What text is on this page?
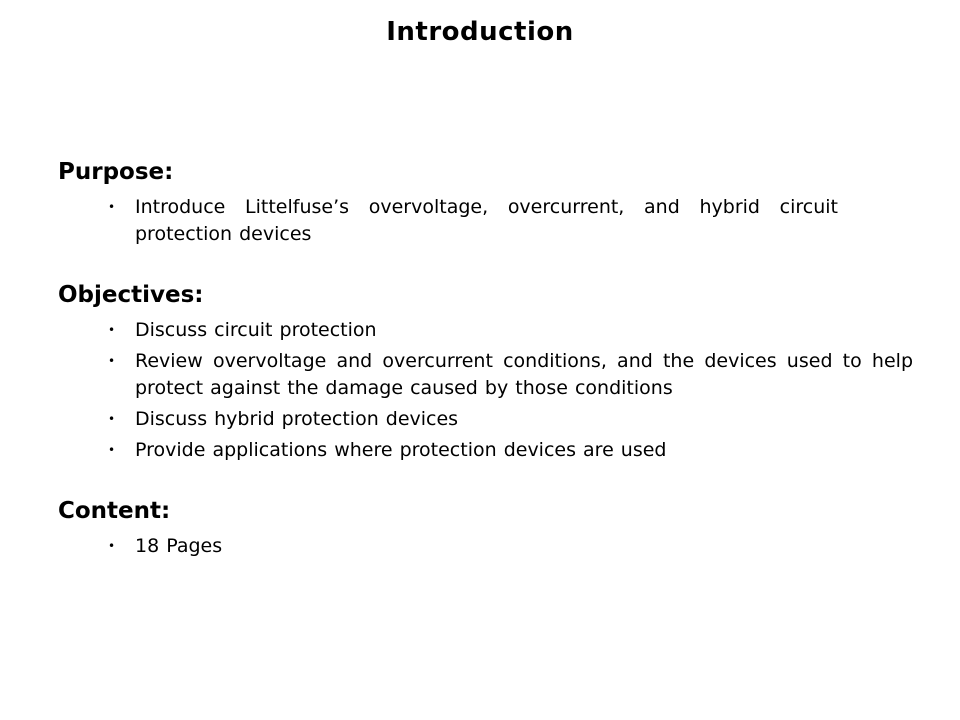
Introduction
Purpose:
• Introduce Littelfuse’s overvoltage, overcurrent, and hybrid circuit protection devices
Objectives:
• Discuss circuit protection
• Review overvoltage and overcurrent conditions, and the devices used to help protect against the damage caused by those conditions
• Discuss hybrid protection devices
• Provide applications where protection devices are used
Content:
• 18 Pages
